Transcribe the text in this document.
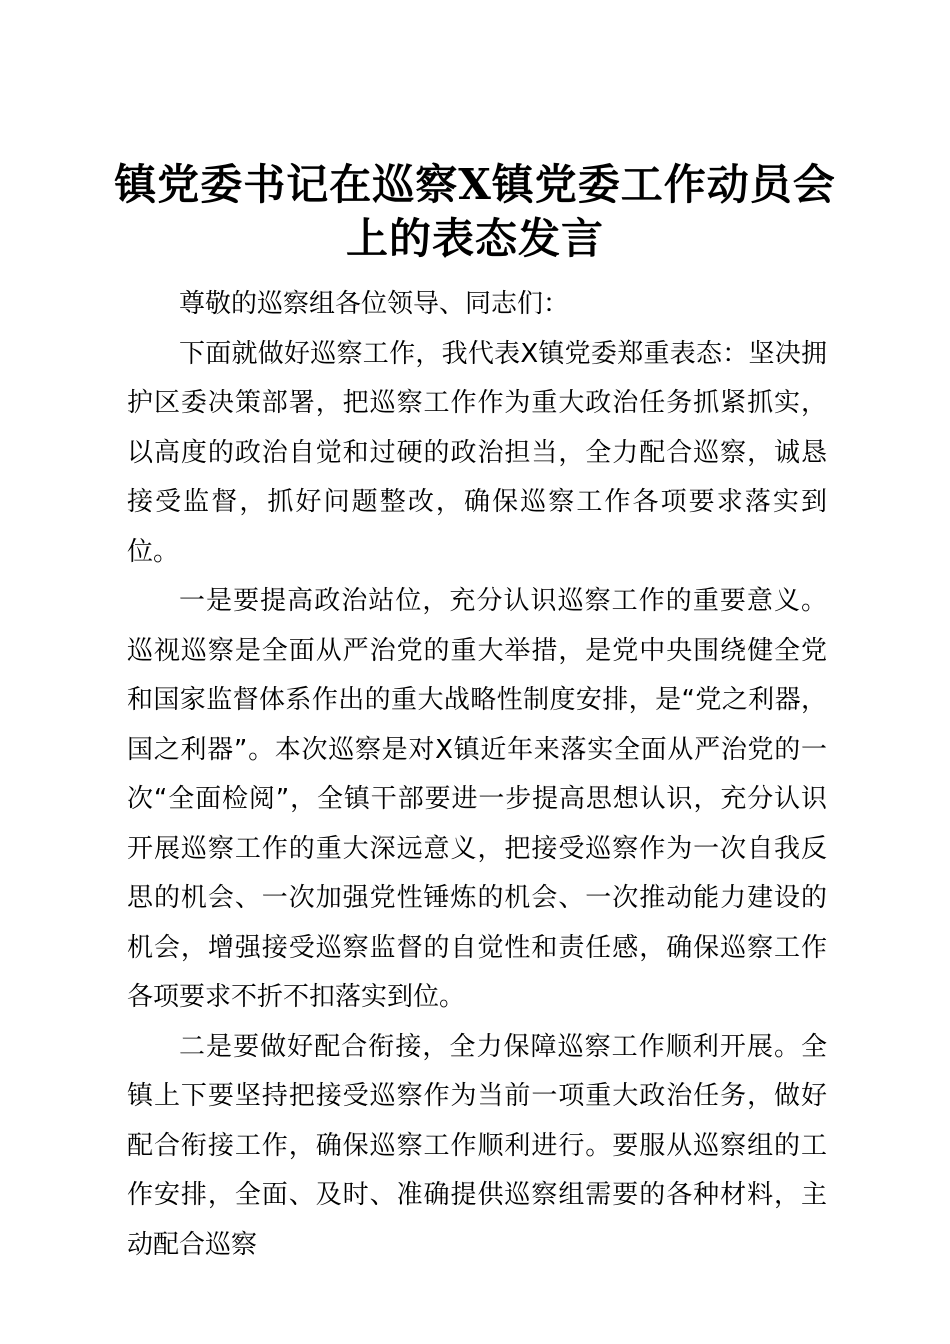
镇党委书记在巡察X镇党委工作动员会上的表态发言

尊敬的巡察组各位领导、同志们：

下面就做好巡察工作，我代表X镇党委郑重表态：坚决拥护区委决策部署，把巡察工作作为重大政治任务抓紧抓实，以高度的政治自觉和过硬的政治担当，全力配合巡察，诚恳接受监督，抓好问题整改，确保巡察工作各项要求落实到位。

一是要提高政治站位，充分认识巡察工作的重要意义。巡视巡察是全面从严治党的重大举措，是党中央围绕健全党和国家监督体系作出的重大战略性制度安排，是“党之利器，国之利器”。本次巡察是对X镇近年来落实全面从严治党的一次“全面检阅”，全镇干部要进一步提高思想认识，充分认识开展巡察工作的重大深远意义，把接受巡察作为一次自我反思的机会、一次加强党性锤炼的机会、一次推动能力建设的机会，增强接受巡察监督的自觉性和责任感，确保巡察工作各项要求不折不扣落实到位。

二是要做好配合衔接，全力保障巡察工作顺利开展。全镇上下要坚持把接受巡察作为当前一项重大政治任务，做好配合衔接工作，确保巡察工作顺利进行。要服从巡察组的工作安排，全面、及时、准确提供巡察组需要的各种材料，主动配合巡察
